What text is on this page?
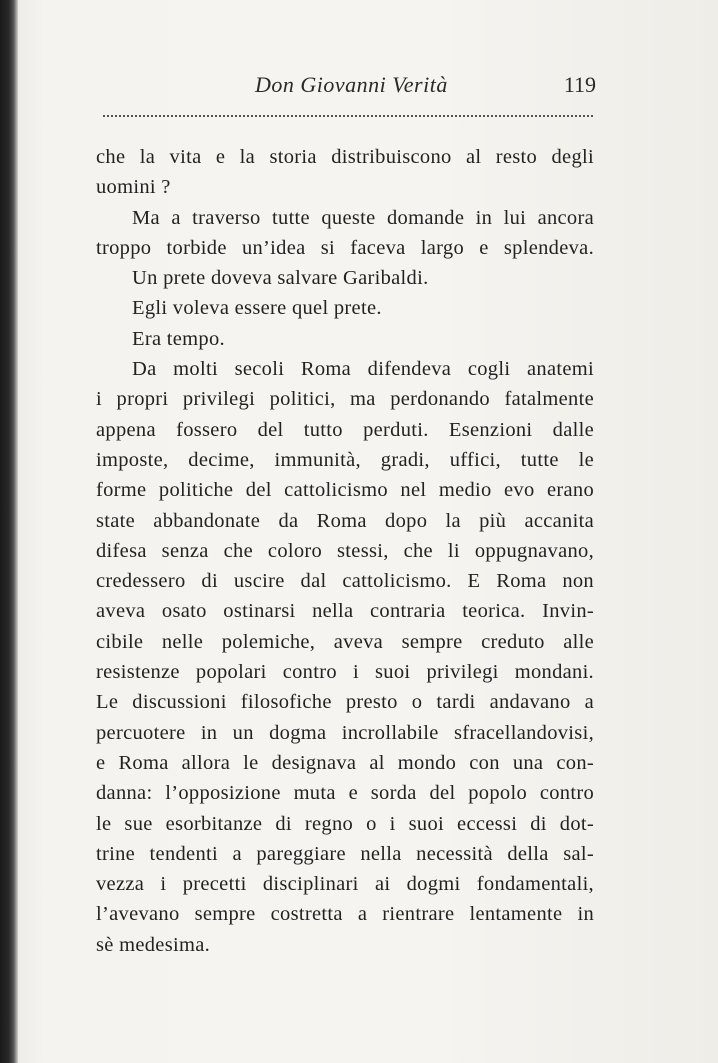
Don Giovanni Verità	119
che la vita e la storia distribuiscono al resto degli
uomini ?
Ma a traverso tutte queste domande in lui ancora
troppo torbide un’idea si faceva largo e splendeva.
Un prete doveva salvare Garibaldi.
Egli voleva essere quel prete.
Era tempo.
Da molti secoli Roma difendeva cogli anatemi
i propri privilegi politici, ma perdonando fatalmente
appena fossero del tutto perduti. Esenzioni dalle
imposte, decime, immunità, gradi, uffici, tutte le
forme politiche del cattolicismo nel medio evo erano
state abbandonate da Roma dopo la più accanita
difesa senza che coloro stessi, che li oppugnavano,
credessero di uscire dal cattolicismo. E Roma non
aveva osato ostinarsi nella contraria teorica. Invin-
cibile nelle polemiche, aveva sempre creduto alle
resistenze popolari contro i suoi privilegi mondani.
Le discussioni filosofiche presto o tardi andavano a
percuotere in un dogma incrollabile sfracellandovisi,
e Roma allora le designava al mondo con una con-
danna: l’opposizione muta e sorda del popolo contro
le sue esorbitanze di regno o i suoi eccessi di dot-
trine tendenti a pareggiare nella necessità della sal-
vezza i precetti disciplinari ai dogmi fondamentali,
l’avevano sempre costretta a rientrare lentamente in
sè medesima.
